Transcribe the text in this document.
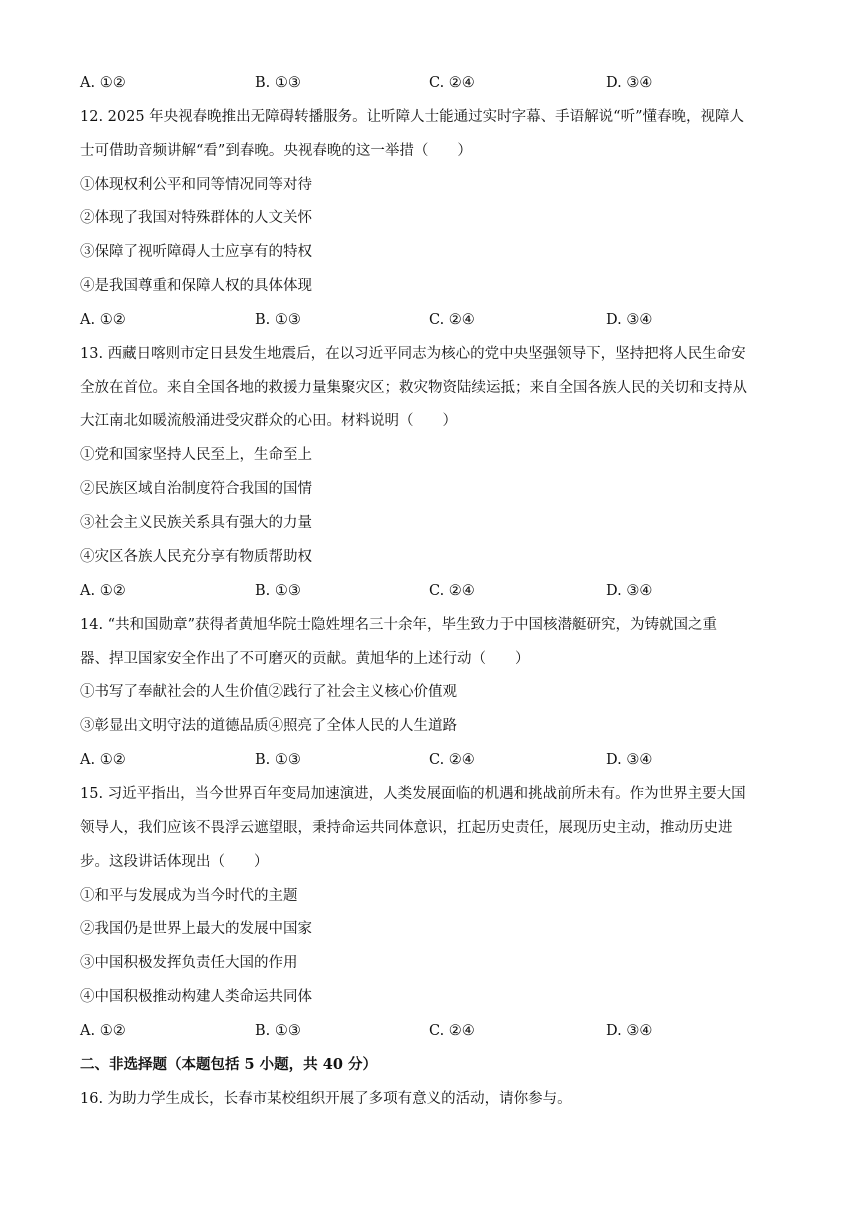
A. ①②	B. ①③	C. ②④	D. ③④
12. 2025 年央视春晚推出无障碍转播服务。让听障人士能通过实时字幕、手语解说“听”懂春晚，视障人
士可借助音频讲解“看”到春晚。央视春晚的这一举措（　　）
①体现权利公平和同等情况同等对待
②体现了我国对特殊群体的人文关怀
③保障了视听障碍人士应享有的特权
④是我国尊重和保障人权的具体体现
A. ①②	B. ①③	C. ②④	D. ③④
13. 西藏日喀则市定日县发生地震后，在以习近平同志为核心的党中央坚强领导下，坚持把将人民生命安
全放在首位。来自全国各地的救援力量集聚灾区；救灾物资陆续运抵；来自全国各族人民的关切和支持从
大江南北如暖流般涌进受灾群众的心田。材料说明（　　）
①党和国家坚持人民至上，生命至上
②民族区域自治制度符合我国的国情
③社会主义民族关系具有强大的力量
④灾区各族人民充分享有物质帮助权
A. ①②	B. ①③	C. ②④	D. ③④
14. “共和国勋章”获得者黄旭华院士隐姓埋名三十余年，毕生致力于中国核潜艇研究，为铸就国之重
器、捍卫国家安全作出了不可磨灭的贡献。黄旭华的上述行动（　　）
①书写了奉献社会的人生价值②践行了社会主义核心价值观
③彰显出文明守法的道德品质④照亮了全体人民的人生道路
A. ①②	B. ①③	C. ②④	D. ③④
15. 习近平指出，当今世界百年变局加速演进，人类发展面临的机遇和挑战前所未有。作为世界主要大国
领导人，我们应该不畏浮云遮望眼，秉持命运共同体意识，扛起历史责任，展现历史主动，推动历史进
步。这段讲话体现出（　　）
①和平与发展成为当今时代的主题
②我国仍是世界上最大的发展中国家
③中国积极发挥负责任大国的作用
④中国积极推动构建人类命运共同体
A. ①②	B. ①③	C. ②④	D. ③④
二、非选择题（本题包括 5 小题，共 40 分）
16. 为助力学生成长，长春市某校组织开展了多项有意义的活动，请你参与。
